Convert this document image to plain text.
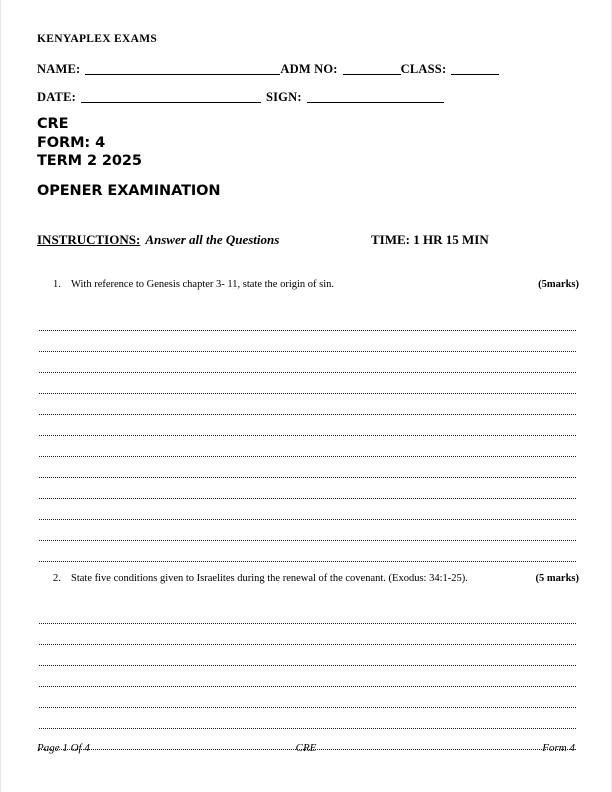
KENYAPLEX EXAMS
NAME:	ADM NO:	CLASS:
DATE:	SIGN:
CRE
FORM: 4
TERM 2 2025
OPENER EXAMINATION
INSTRUCTIONS: Answer all the Questions	TIME: 1 HR 15 MIN
1. With reference to Genesis chapter 3- 11, state the origin of sin.	(5marks)
2. State five conditions given to Israelites during the renewal of the covenant. (Exodus: 34:1-25).	(5 marks)
Page 1 Of 4	CRE	Form 4
